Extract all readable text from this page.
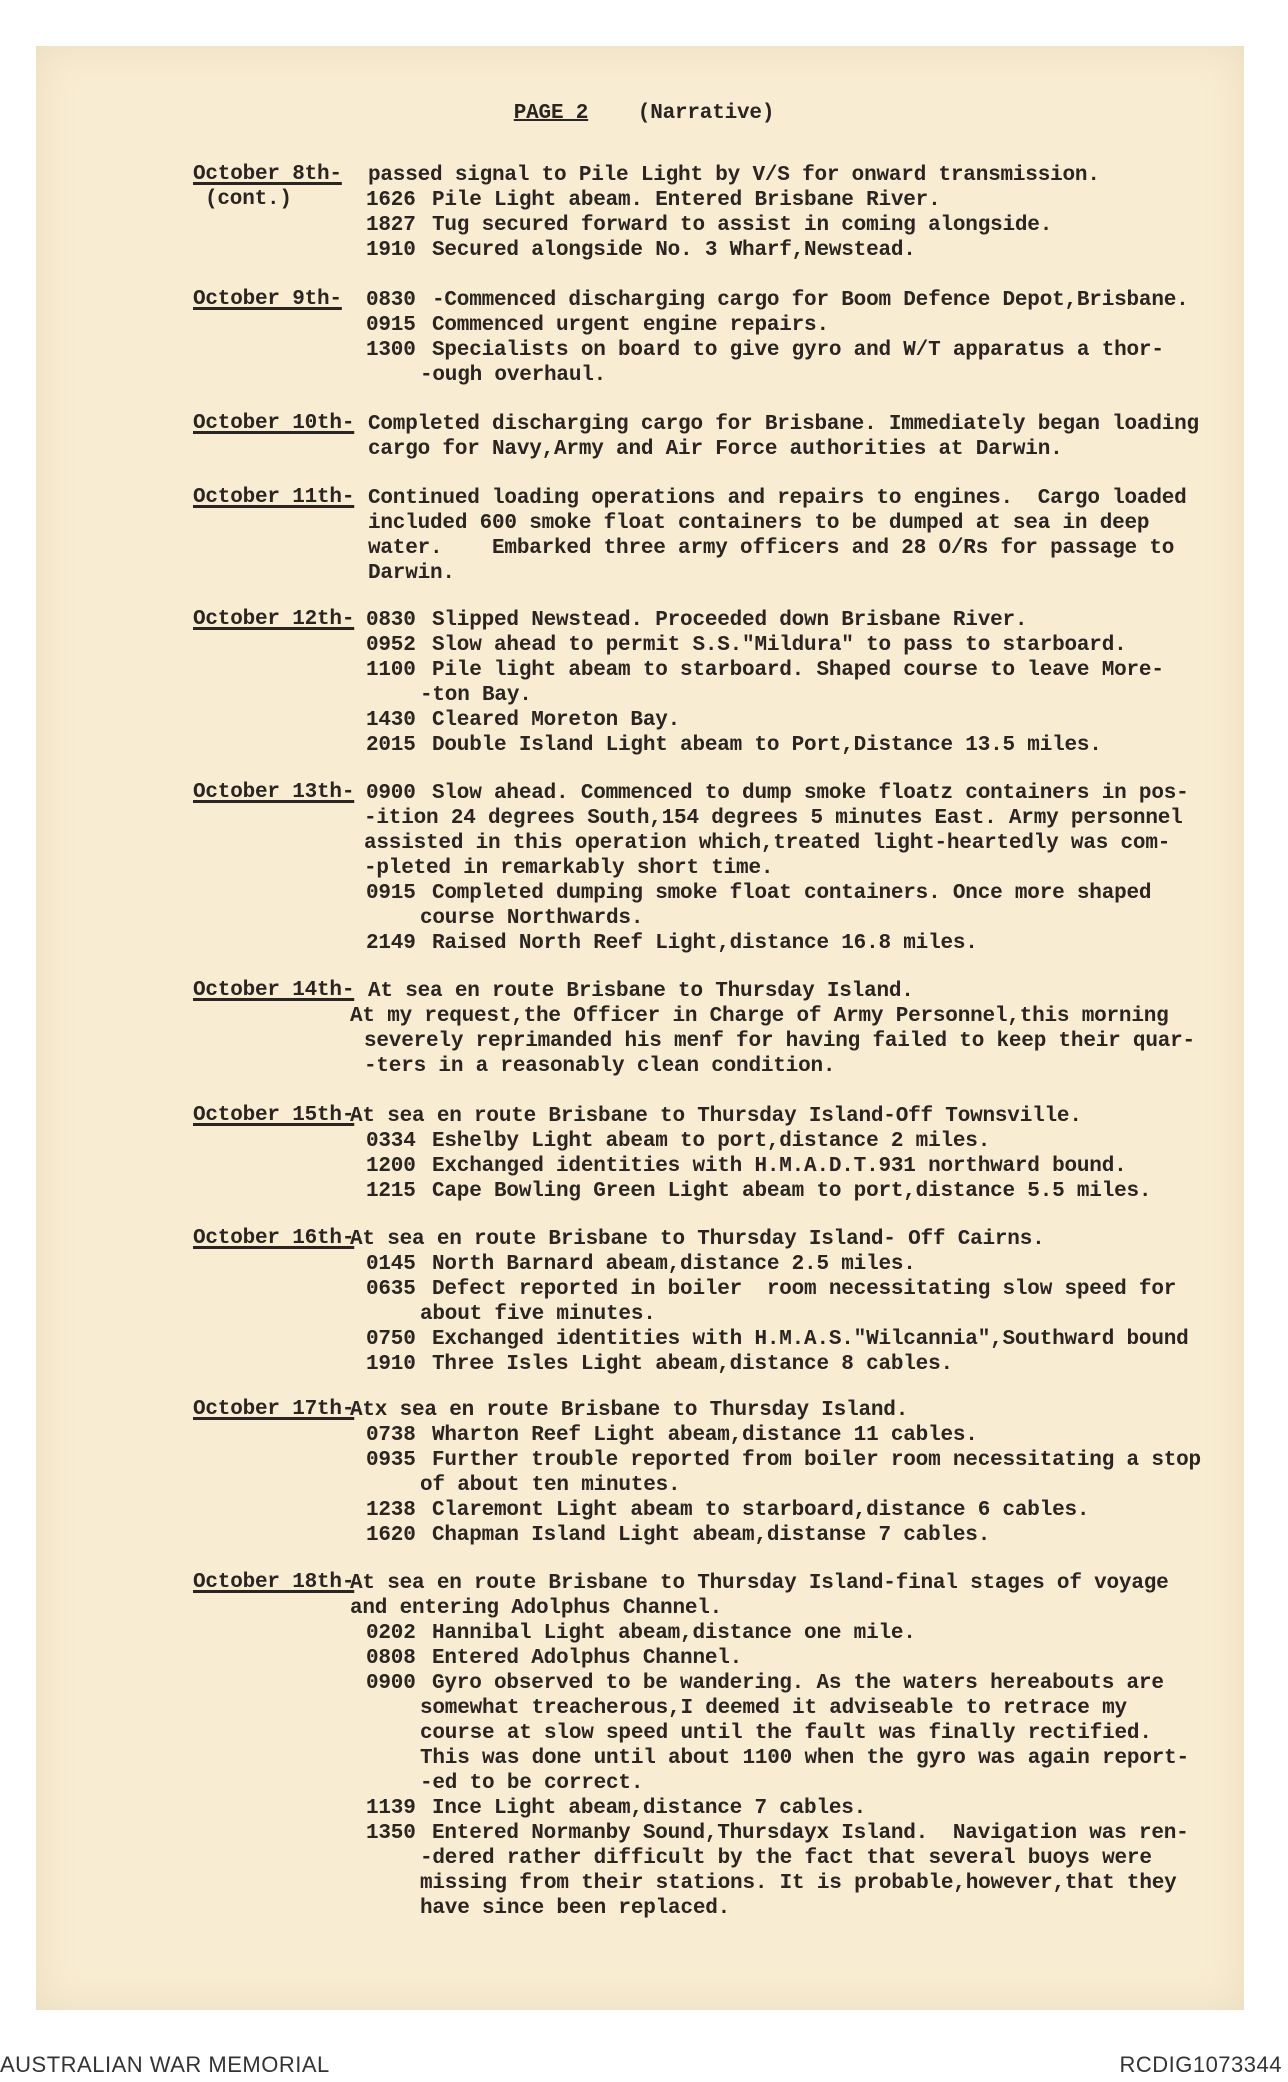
PAGE 2 (Narrative)
October 8th-
(cont.)
passed signal to Pile Light by V/S for onward transmission.
1626 Pile Light abeam. Entered Brisbane River.
1827 Tug secured forward to assist in coming alongside.
1910 Secured alongside No. 3 Wharf,Newstead.
October 9th- 0830 -Commenced discharging cargo for Boom Defence Depot,Brisbane.
0915 Commenced urgent engine repairs.
1300 Specialists on board to give gyro and W/T apparatus a thor-
-ough overhaul.
October 10th- Completed discharging cargo for Brisbane. Immediately began loading
cargo for Navy,Army and Air Force authorities at Darwin.
October 11th- Continued loading operations and repairs to engines.  Cargo loaded
included 600 smoke float containers to be dumped at sea in deep
water.    Embarked three army officers and 28 O/Rs for passage to
Darwin.
October 12th- 0830 Slipped Newstead. Proceeded down Brisbane River.
0952 Slow ahead to permit S.S."Mildura" to pass to starboard.
1100 Pile light abeam to starboard. Shaped course to leave More-
-ton Bay.
1430 Cleared Moreton Bay.
2015 Double Island Light abeam to Port,Distance 13.5 miles.
October 13th- 0900 Slow ahead. Commenced to dump smoke floatz containers in pos-
-ition 24 degrees South,154 degrees 5 minutes East. Army personnel
assisted in this operation which,treated light-heartedly was com-
-pleted in remarkably short time.
0915 Completed dumping smoke float containers. Once more shaped
course Northwards.
2149 Raised North Reef Light,distance 16.8 miles.
October 14th- At sea en route Brisbane to Thursday Island.
At my request,the Officer in Charge of Army Personnel,this morning
severely reprimanded his menf for having failed to keep their quar-
-ters in a reasonably clean condition.
October 15th-
At sea en route Brisbane to Thursday Island-Off Townsville.
0334 Eshelby Light abeam to port,distance 2 miles.
1200 Exchanged identities with H.M.A.D.T.931 northward bound.
1215 Cape Bowling Green Light abeam to port,distance 5.5 miles.
October 16th-
At sea en route Brisbane to Thursday Island- Off Cairns.
0145 North Barnard abeam,distance 2.5 miles.
0635 Defect reported in boiler  room necessitating slow speed for
about five minutes.
0750 Exchanged identities with H.M.A.S."Wilcannia",Southward bound
1910 Three Isles Light abeam,distance 8 cables.
October 17th-
Atx sea en route Brisbane to Thursday Island.
0738 Wharton Reef Light abeam,distance 11 cables.
0935 Further trouble reported from boiler room necessitating a stop
of about ten minutes.
1238 Claremont Light abeam to starboard,distance 6 cables.
1620 Chapman Island Light abeam,distanse 7 cables.
October 18th-
At sea en route Brisbane to Thursday Island-final stages of voyage
and entering Adolphus Channel.
0202 Hannibal Light abeam,distance one mile.
0808 Entered Adolphus Channel.
0900 Gyro observed to be wandering. As the waters hereabouts are
somewhat treacherous,I deemed it adviseable to retrace my
course at slow speed until the fault was finally rectified.
This was done until about 1100 when the gyro was again report-
-ed to be correct.
1139 Ince Light abeam,distance 7 cables.
1350 Entered Normanby Sound,Thursdayx Island.  Navigation was ren-
-dered rather difficult by the fact that several buoys were
missing from their stations. It is probable,however,that they
have since been replaced.
AUSTRALIAN WAR MEMORIAL	RCDIG1073344
